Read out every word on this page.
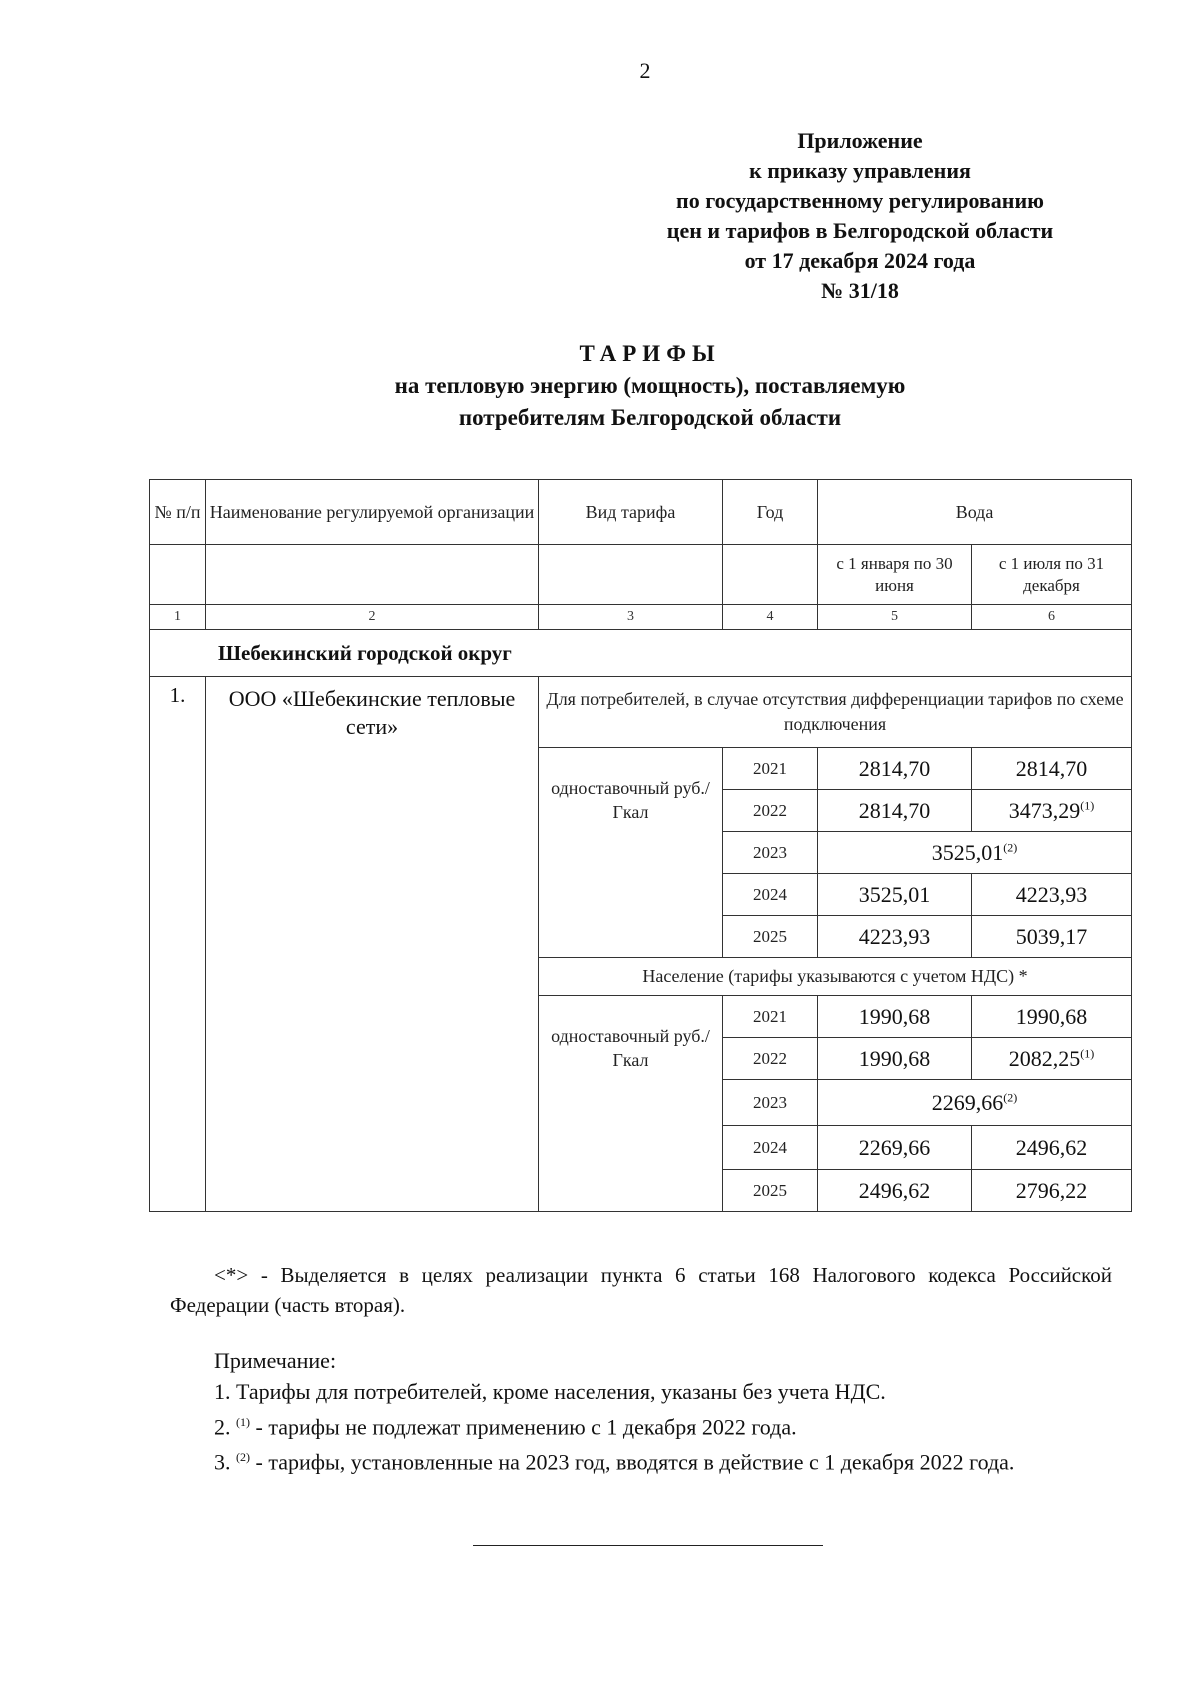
2
Приложение
к приказу управления
по государственному регулированию
цен и тарифов в Белгородской области
от 17 декабря 2024 года
№ 31/18
ТАРИФЫ
на тепловую энергию (мощность), поставляемую
потребителям Белгородской области
№ п/п	Наименование регулируемой организации	Вид тарифа	Год	Вода	
				с 1 января по 30 июня	с 1 июля по 31 декабря
1	2	3	4	5	6
Шебекинский городской округ					
1.	ООО «Шебекинские тепловые сети»	Для потребителей, в случае отсутствия дифференциации тарифов по схеме подключения			
		одноставочный руб./Гкал	2021	2814,70	2814,70
			2022	2814,70	3473,29$^{(1)}$
			2023	3525,01$^{(2)}$
			2024	3525,01	4223,93
			2025	4223,93	5039,17
		Население (тарифы указываются с учетом НДС) *			
		одноставочный руб./Гкал	2021	1990,68	1990,68
			2022	1990,68	2082,25$^{(1)}$
			2023	2269,66$^{(2)}$
			2024	2269,66	2496,62
			2025	2496,62	2796,22
<*> - Выделяется в целях реализации пункта 6 статьи 168 Налогового кодекса Российской Федерации (часть вторая).

Примечание:

1. Тарифы для потребителей, кроме населения, указаны без учета НДС.

2. $^{(1)}$ - тарифы не подлежат применению с 1 декабря 2022 года.

3. $^{(2)}$ - тарифы, установленные на 2023 год, вводятся в действие с 1 декабря 2022 года.
